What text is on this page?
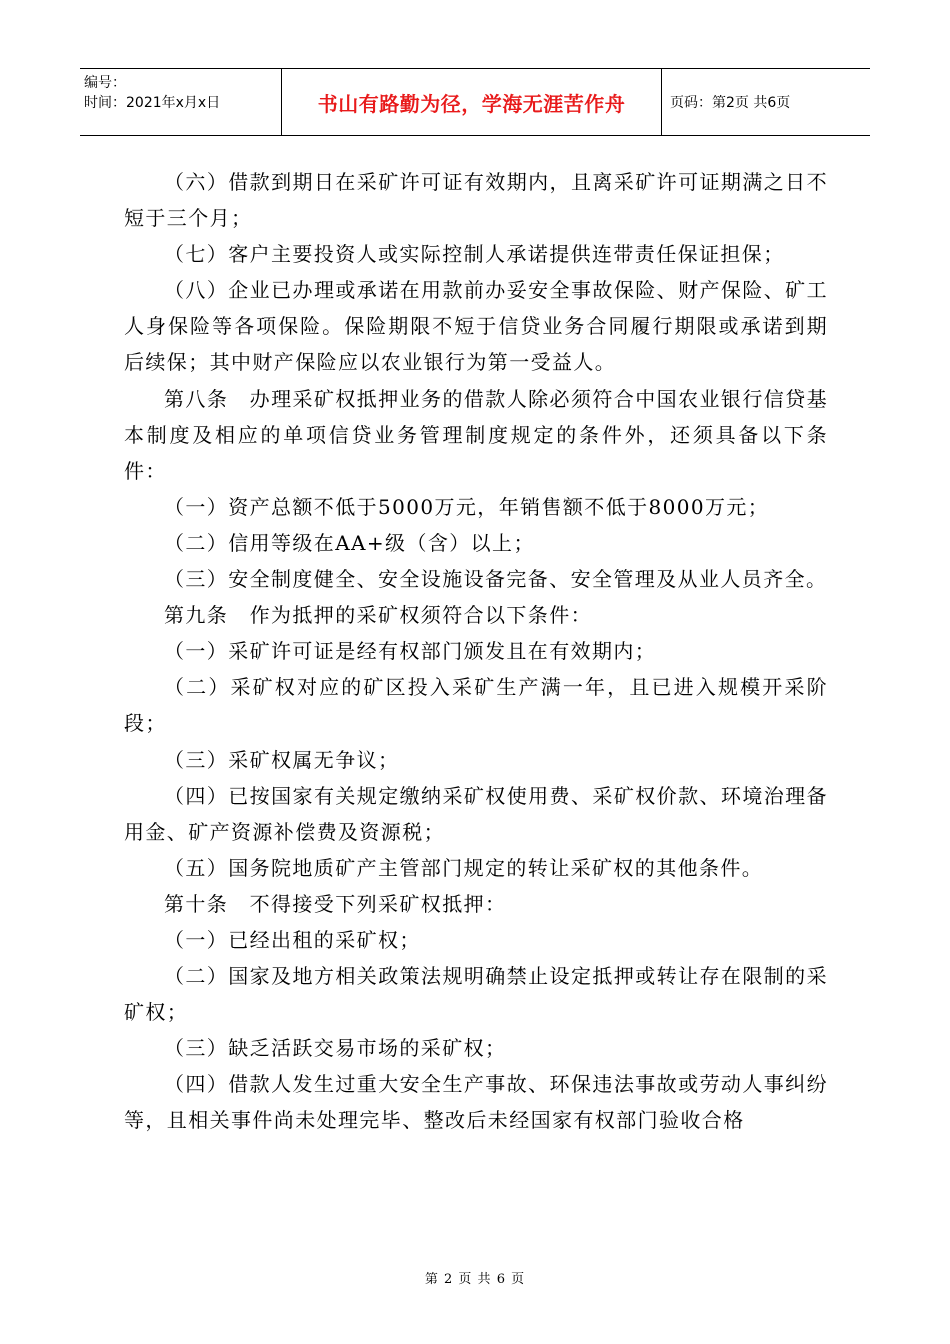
编号：
时间：2021年x月x日	书山有路勤为径，学海无涯苦作舟	页码：第2页 共6页

（六）借款到期日在采矿许可证有效期内，且离采矿许可证期满之日不短于三个月；

（七）客户主要投资人或实际控制人承诺提供连带责任保证担保；

（八）企业已办理或承诺在用款前办妥安全事故保险、财产保险、矿工人身保险等各项保险。保险期限不短于信贷业务合同履行期限或承诺到期后续保；其中财产保险应以农业银行为第一受益人。

第八条　办理采矿权抵押业务的借款人除必须符合中国农业银行信贷基本制度及相应的单项信贷业务管理制度规定的条件外，还须具备以下条件：

（一）资产总额不低于5000万元，年销售额不低于8000万元；

（二）信用等级在AA+级（含）以上；

（三）安全制度健全、安全设施设备完备、安全管理及从业人员齐全。

第九条　作为抵押的采矿权须符合以下条件：

（一）采矿许可证是经有权部门颁发且在有效期内；

（二）采矿权对应的矿区投入采矿生产满一年，且已进入规模开采阶段；

（三）采矿权属无争议；

（四）已按国家有关规定缴纳采矿权使用费、采矿权价款、环境治理备用金、矿产资源补偿费及资源税；

（五）国务院地质矿产主管部门规定的转让采矿权的其他条件。

第十条　不得接受下列采矿权抵押：

（一）已经出租的采矿权；

（二）国家及地方相关政策法规明确禁止设定抵押或转让存在限制的采矿权；

（三）缺乏活跃交易市场的采矿权；

（四）借款人发生过重大安全生产事故、环保违法事故或劳动人事纠纷等，且相关事件尚未处理完毕、整改后未经国家有权部门验收合格

第 2 页 共 6 页
